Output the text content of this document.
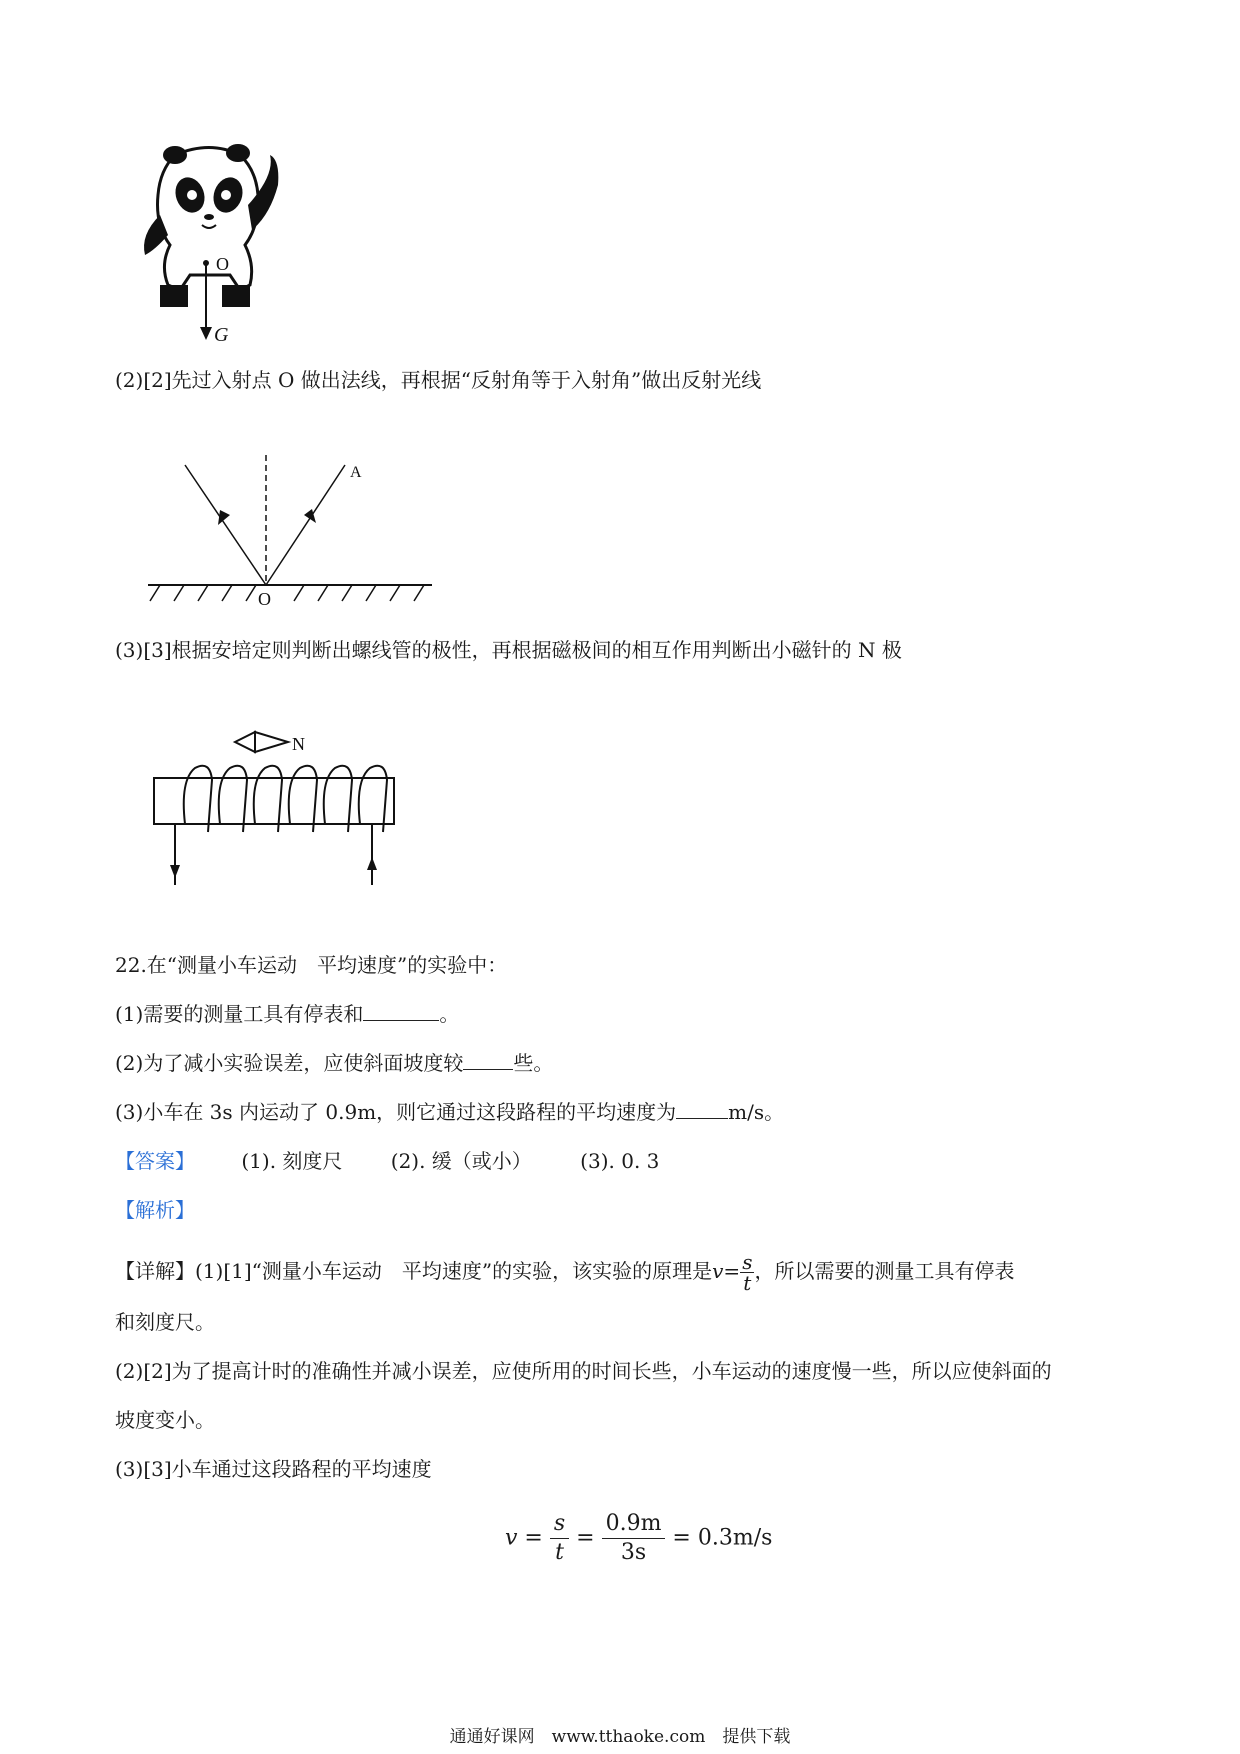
O
G
(2)[2]先过入射点 O 做出法线，再根据“反射角等于入射角”做出反射光线
A
O
(3)[3]根据安培定则判断出螺线管的极性，再根据磁极间的相互作用判断出小磁针的 N 极
N
22.在“测量小车运动　平均速度”的实验中：
(1)需要的测量工具有停表和	。
(2)为了减小实验误差，应使斜面坡度较	些。
(3)小车在 3s 内运动了 0.9m，则它通过这段路程的平均速度为	m/s。
【答案】 (1). 刻度尺 (2). 缓（或小） (3). 0. 3
【解析】
【详解】(1)[1]“测量小车运动　平均速度”的实验，该实验的原理是$v= \frac{s}{t}$ ，所以需要的测量工具有停表
和刻度尺。
(2)[2]为了提高计时的准确性并减小误差，应使所用的时间长些，小车运动的速度慢一些，所以应使斜面的
坡度变小。
(3)[3]小车通过这段路程的平均速度
$v = \frac{s}{t} = \frac{0.9m}{3s} = 0.3m/s$
通通好课网　www.tthaoke.com　提供下载
